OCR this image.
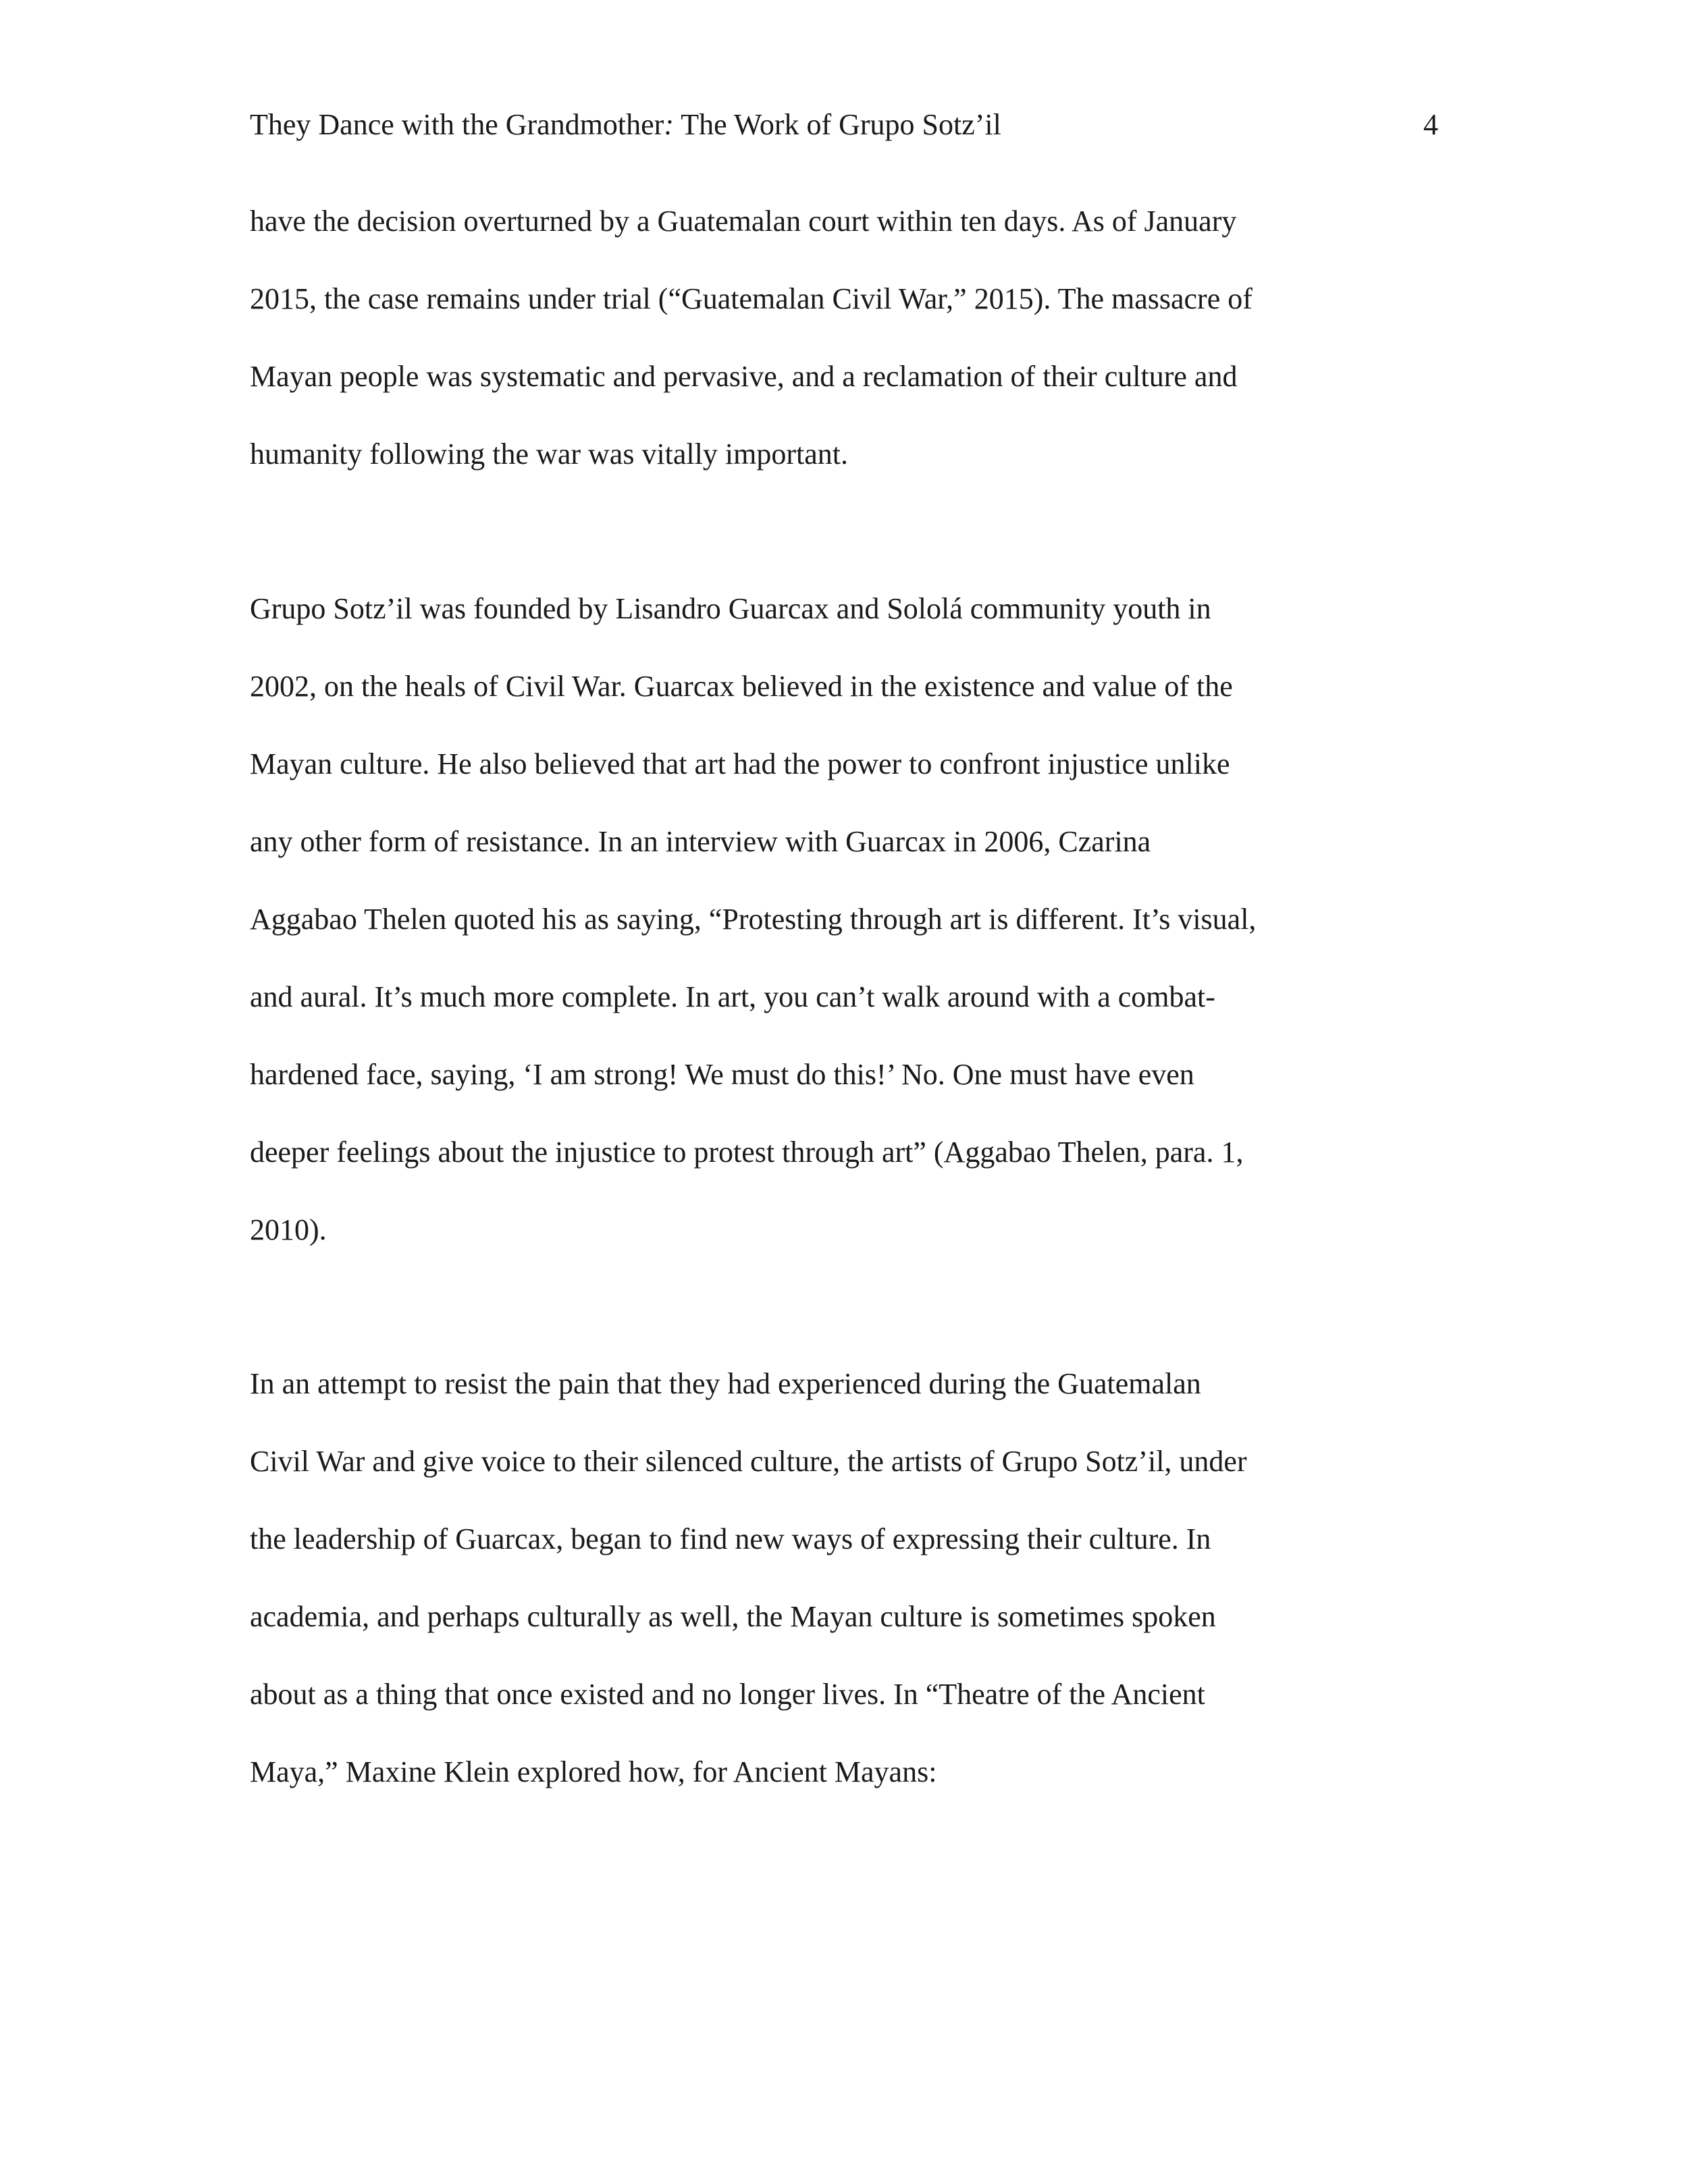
They Dance with the Grandmother: The Work of Grupo Sotz’il	4
have the decision overturned by a Guatemalan court within ten days. As of January
2015, the case remains under trial (“Guatemalan Civil War,” 2015). The massacre of
Mayan people was systematic and pervasive, and a reclamation of their culture and
humanity following the war was vitally important.
Grupo Sotz’il was founded by Lisandro Guarcax and Sololá community youth in
2002, on the heals of Civil War. Guarcax believed in the existence and value of the
Mayan culture. He also believed that art had the power to confront injustice unlike
any other form of resistance. In an interview with Guarcax in 2006, Czarina
Aggabao Thelen quoted his as saying, “Protesting through art is different. It’s visual,
and aural. It’s much more complete. In art, you can’t walk around with a combat-
hardened face, saying, ‘I am strong! We must do this!’ No. One must have even
deeper feelings about the injustice to protest through art” (Aggabao Thelen, para. 1,
2010).
In an attempt to resist the pain that they had experienced during the Guatemalan
Civil War and give voice to their silenced culture, the artists of Grupo Sotz’il, under
the leadership of Guarcax, began to find new ways of expressing their culture. In
academia, and perhaps culturally as well, the Mayan culture is sometimes spoken
about as a thing that once existed and no longer lives. In “Theatre of the Ancient
Maya,” Maxine Klein explored how, for Ancient Mayans:
